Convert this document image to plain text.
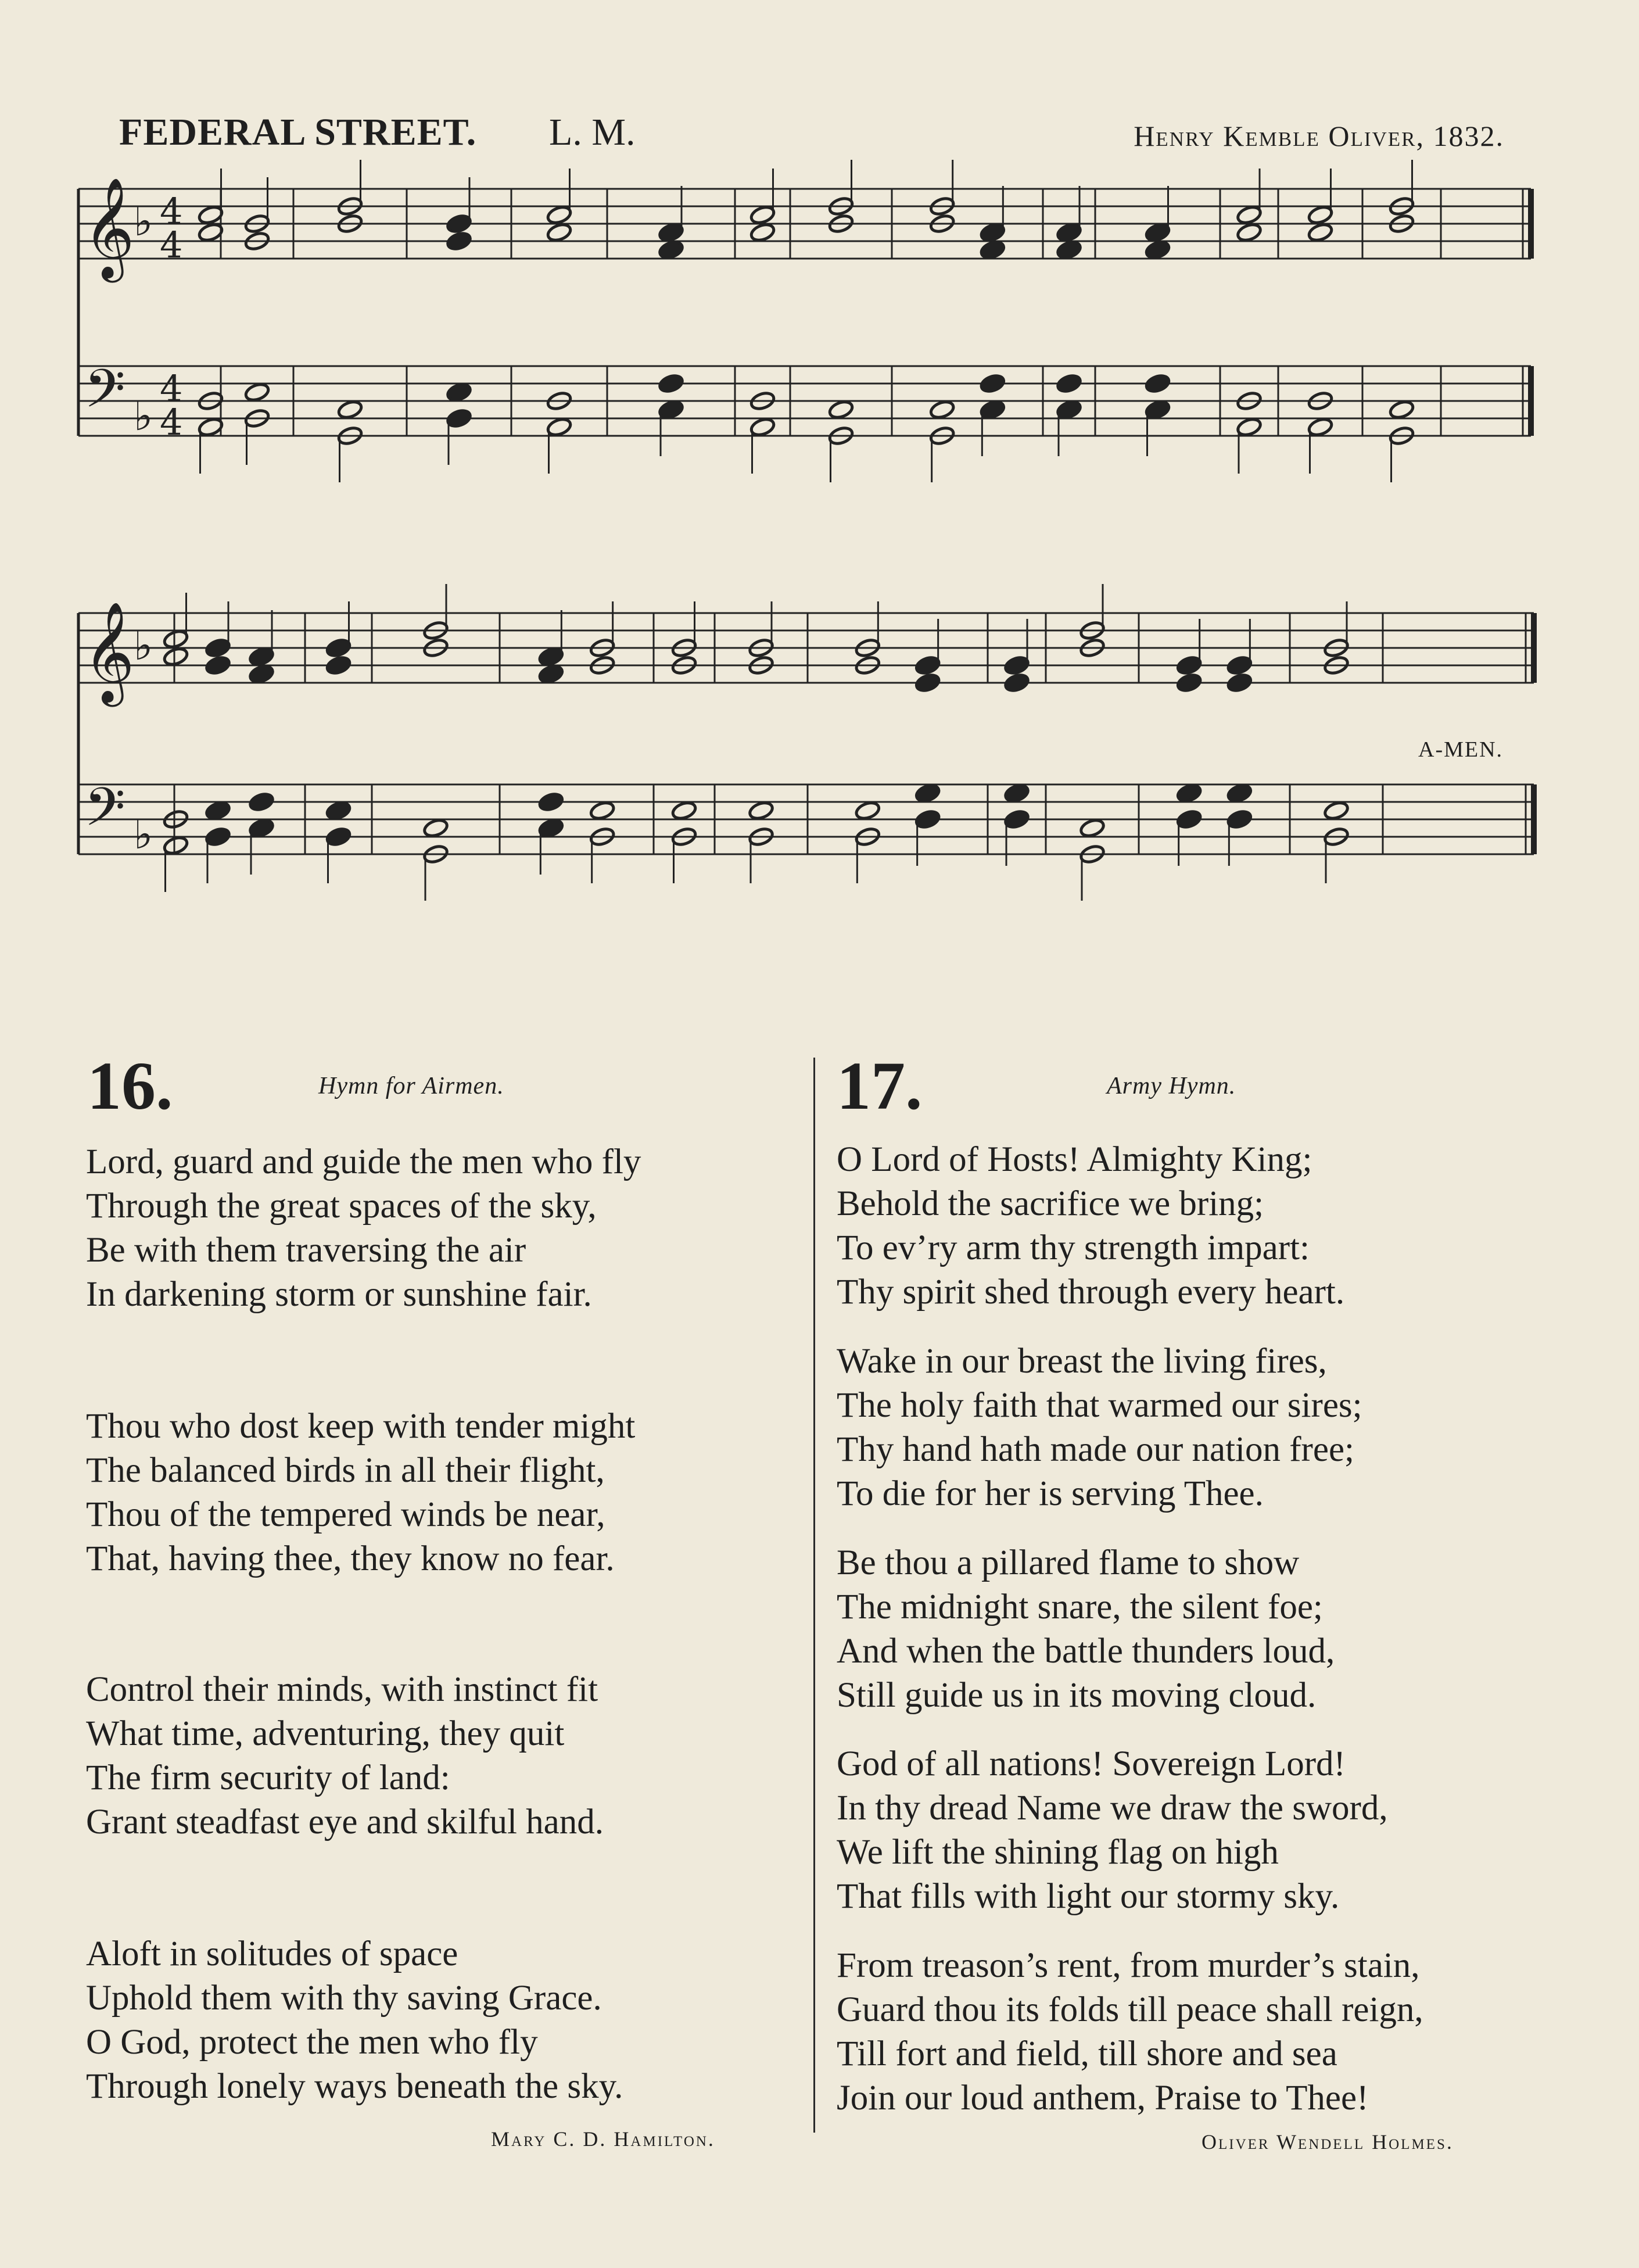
FEDERAL STREET. L. M.	Henry Kemble Oliver, 1832.
𝄞
𝄢
♭
♭
4
4
4
4
𝄞
𝄢
♭
♭
A-MEN.
16.	Hymn for Airmen.
Lord, guard and guide the men who fly
Through the great spaces of the sky,
Be with them traversing the air
In darkening storm or sunshine fair.
Thou who dost keep with tender might
The balanced birds in all their flight,
Thou of the tempered winds be near,
That, having thee, they know no fear.
Control their minds, with instinct fit
What time, adventuring, they quit
The firm security of land:
Grant steadfast eye and skilful hand.
Aloft in solitudes of space
Uphold them with thy saving Grace.
O God, protect the men who fly
Through lonely ways beneath the sky.
Mary C. D. Hamilton.
17.	Army Hymn.
O Lord of Hosts! Almighty King;
Behold the sacrifice we bring;
To ev’ry arm thy strength impart:
Thy spirit shed through every heart.
Wake in our breast the living fires,
The holy faith that warmed our sires;
Thy hand hath made our nation free;
To die for her is serving Thee.
Be thou a pillared flame to show
The midnight snare, the silent foe;
And when the battle thunders loud,
Still guide us in its moving cloud.
God of all nations! Sovereign Lord!
In thy dread Name we draw the sword,
We lift the shining flag on high
That fills with light our stormy sky.
From treason’s rent, from murder’s stain,
Guard thou its folds till peace shall reign,
Till fort and field, till shore and sea
Join our loud anthem, Praise to Thee!
Oliver Wendell Holmes.
